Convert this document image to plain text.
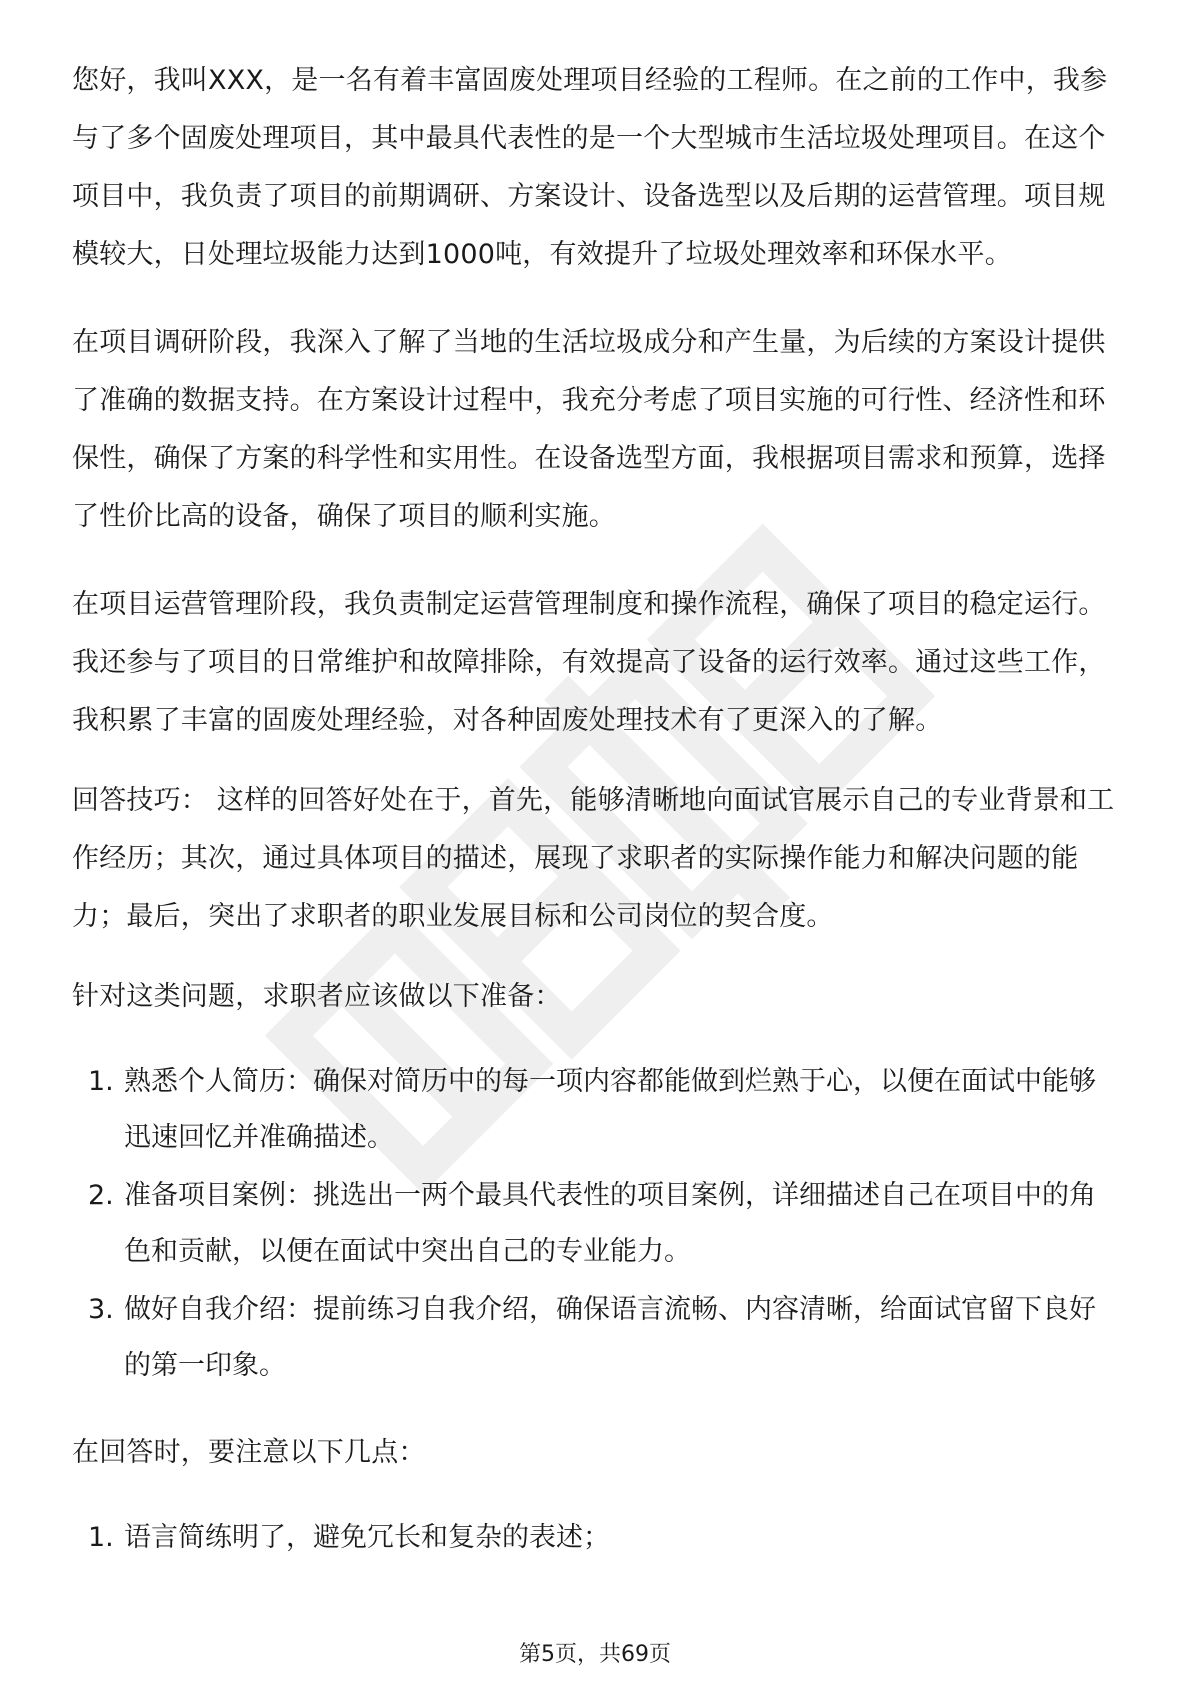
您好，我叫XXX，是一名有着丰富固废处理项目经验的工程师。在之前的工作中，我参与了多个固废处理项目，其中最具代表性的是一个大型城市生活垃圾处理项目。在这个项目中，我负责了项目的前期调研、方案设计、设备选型以及后期的运营管理。项目规模较大，日处理垃圾能力达到1000吨，有效提升了垃圾处理效率和环保水平。

在项目调研阶段，我深入了解了当地的生活垃圾成分和产生量，为后续的方案设计提供了准确的数据支持。在方案设计过程中，我充分考虑了项目实施的可行性、经济性和环保性，确保了方案的科学性和实用性。在设备选型方面，我根据项目需求和预算，选择了性价比高的设备，确保了项目的顺利实施。

在项目运营管理阶段，我负责制定运营管理制度和操作流程，确保了项目的稳定运行。我还参与了项目的日常维护和故障排除，有效提高了设备的运行效率。通过这些工作，我积累了丰富的固废处理经验，对各种固废处理技术有了更深入的了解。

回答技巧： 这样的回答好处在于，首先，能够清晰地向面试官展示自己的专业背景和工作经历；其次，通过具体项目的描述，展现了求职者的实际操作能力和解决问题的能力；最后，突出了求职者的职业发展目标和公司岗位的契合度。

针对这类问题，求职者应该做以下准备：

1. 熟悉个人简历：确保对简历中的每一项内容都能做到烂熟于心，以便在面试中能够迅速回忆并准确描述。
2. 准备项目案例：挑选出一两个最具代表性的项目案例，详细描述自己在项目中的角色和贡献，以便在面试中突出自己的专业能力。
3. 做好自我介绍：提前练习自我介绍，确保语言流畅、内容清晰，给面试官留下良好的第一印象。

在回答时，要注意以下几点：

1. 语言简练明了，避免冗长和复杂的表述；
第5页，共69页
